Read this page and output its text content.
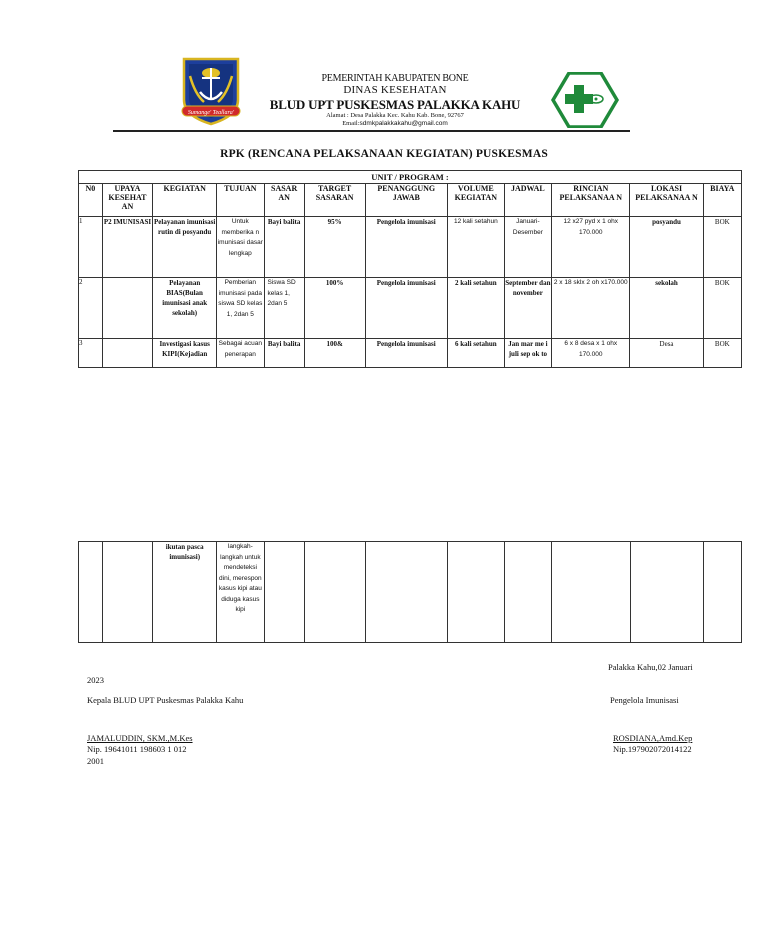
Sumange' Teallara'
PEMERINTAH KABUPATEN BONE
DINAS KESEHATAN
BLUD UPT PUSKESMAS PALAKKA KAHU
Alamat : Desa Palakka Kec. Kahu Kab. Bone, 92767
Email:sdmkpalakkakahu@gmail.com
RPK (RENCANA PELAKSANAAN KEGIATAN) PUSKESMAS
UNIT / PROGRAM :											
N0	UPAYA KESEHAT AN	KEGIATAN	TUJUAN	SASAR AN	TARGET SASARAN	PENANGGUNG JAWAB	VOLUME KEGIATAN	JADWAL	RINCIAN PELAKSANAA N	LOKASI PELAKSANAA N	BIAYA
1	P2 IMUNISASI	Pelayanan imunisasi rutin di posyandu	Untuk memberika n imunisasi dasar lengkap	Bayi balita	95%	Pengelola imunisasi	12 kali setahun	Januari-Desember	12 x27 pyd x 1 ohx 170.000	posyandu	BOK
2		Pelayanan BIAS(Bulan imunisasi anak sekolah)	Pemberian imunisasi pada siswa SD kelas 1, 2dan 5	Siswa SD kelas 1, 2dan 5	100%	Pengelola imunisasi	2 kali setahun	September dan november	2 x 18 sklx 2 oh x170.000	sekolah	BOK
3		Investigasi kasus KIPI(Kejadian	Sebagai acuan penerapan	Bayi balita	100&	Pengelola imunisasi	6 kali setahun	Jan mar me i juli sep ok to	6 x 8 desa x 1 ohx 170.000	Desa	BOK
		ikutan pasca imunisasi)	langkah-langkah untuk mendeteksi dini, merespon kasus kipi atau diduga kasus kipi								
Palakka Kahu,02 Januari
2023
Kepala BLUD UPT Puskesmas Palakka Kahu	Pengelola Imunisasi
JAMALUDDIN, SKM.,M.Kes
Nip. 19641011 198603 1 012
2001
ROSDIANA,Amd.Kep
Nip.197902072014122
